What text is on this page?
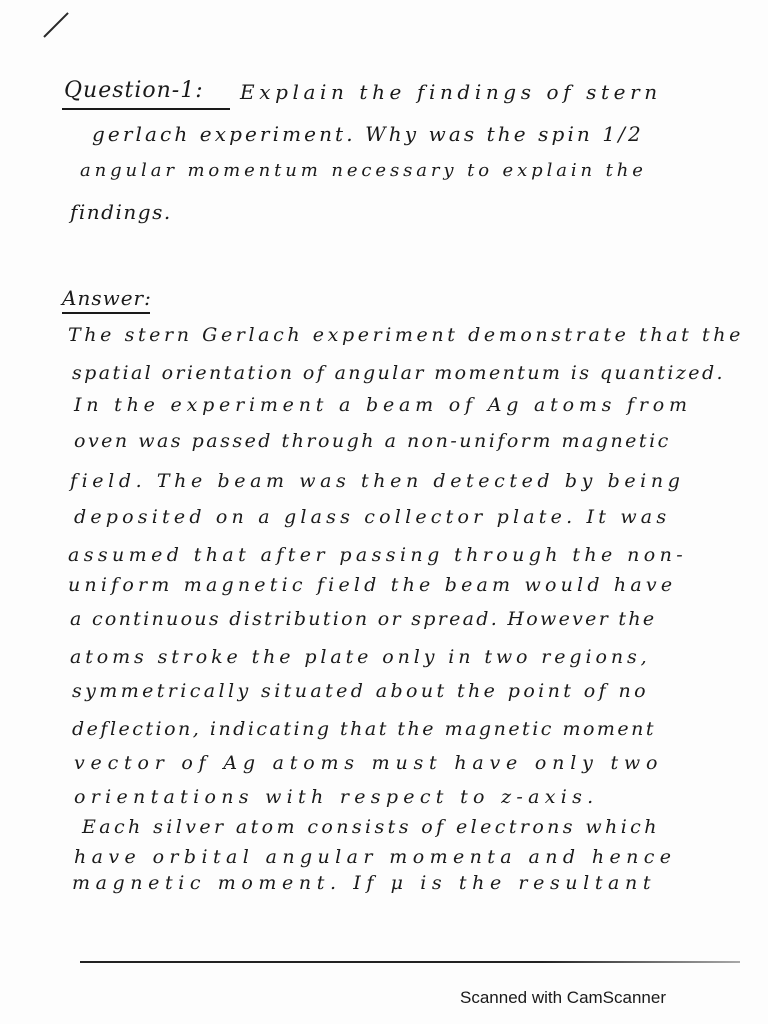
Question-1: Explain the findings of stern
gerlach experiment. Why was the spin 1/2
angular momentum necessary to explain the
findings.
Answer:
The stern Gerlach experiment demonstrate that the
spatial orientation of angular momentum is quantized.
In the experiment a beam of Ag atoms from
oven was passed through a non-uniform magnetic
field. The beam was then detected by being
deposited on a glass collector plate. It was
assumed that after passing through the non-
uniform magnetic field the beam would have
a continuous distribution or spread. However the
atoms stroke the plate only in two regions,
symmetrically situated about the point of no
deflection, indicating that the magnetic moment
vector of Ag atoms must have only two
orientations with respect to z-axis.
Each silver atom consists of electrons which
have orbital angular momenta and hence
magnetic moment. If μ is the resultant
Scanned with CamScanner
